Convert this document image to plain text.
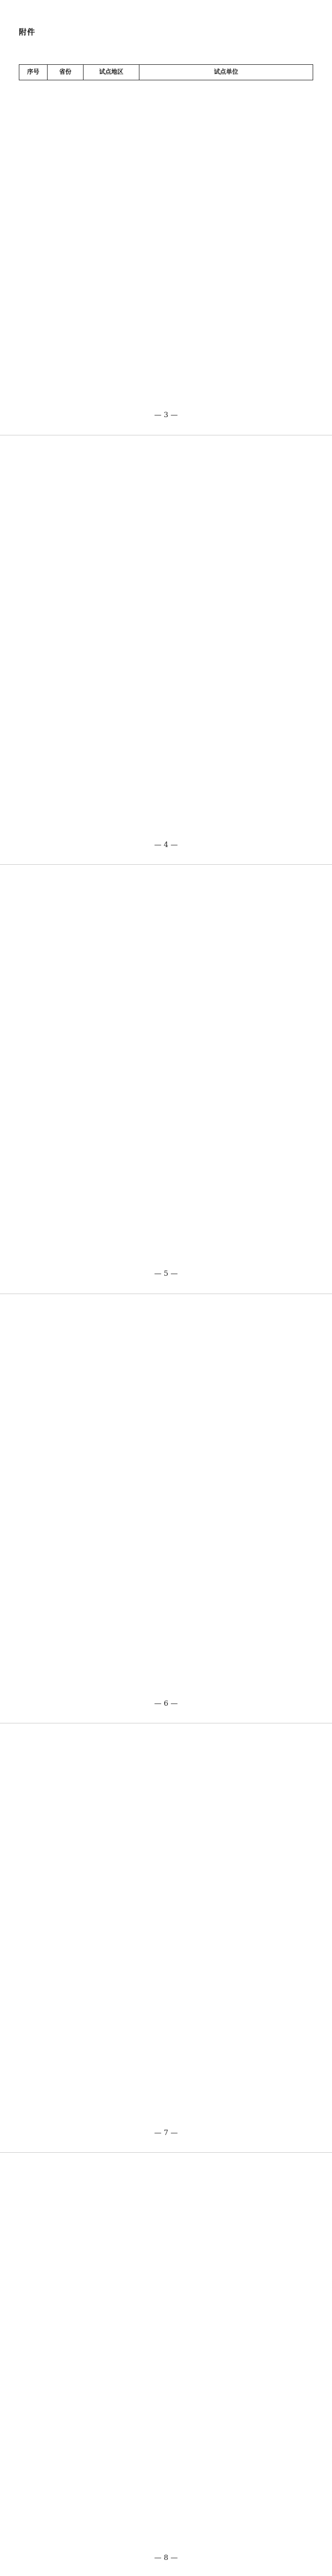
附件
序号	省份	试点地区	试点单位
— 3 —
— 4 —
— 5 —
— 6 —
— 7 —
— 8 —
